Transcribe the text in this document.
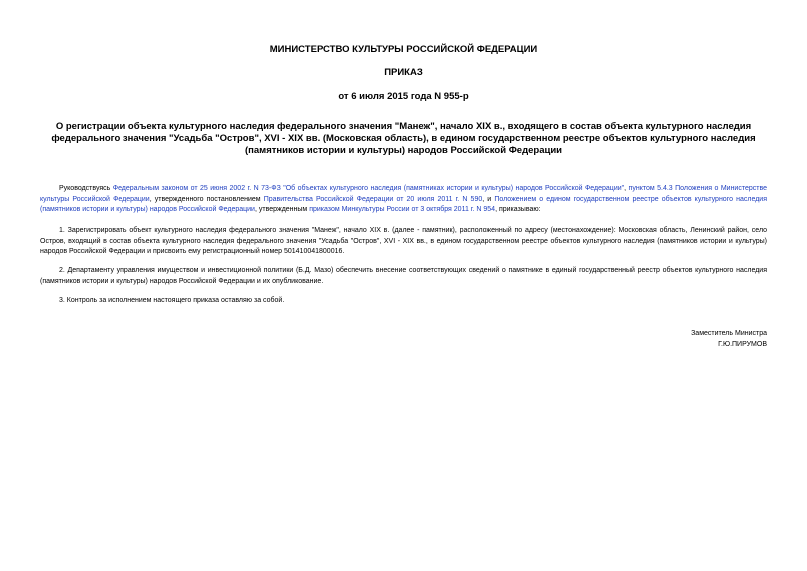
МИНИСТЕРСТВО КУЛЬТУРЫ РОССИЙСКОЙ ФЕДЕРАЦИИ
ПРИКАЗ
от 6 июля 2015 года N 955-р
О регистрации объекта культурного наследия федерального значения "Манеж", начало XIX в., входящего в состав объекта культурного наследия федерального значения "Усадьба "Остров", XVI - XIX вв. (Московская область), в едином государственном реестре объектов культурного наследия (памятников истории и культуры) народов Российской Федерации
Руководствуясь Федеральным законом от 25 июня 2002 г. N 73-ФЗ "Об объектах культурного наследия (памятниках истории и культуры) народов Российской Федерации", пунктом 5.4.3 Положения о Министерстве культуры Российской Федерации, утвержденного постановлением Правительства Российской Федерации от 20 июля 2011 г. N 590, и Положением о едином государственном реестре объектов культурного наследия (памятников истории и культуры) народов Российской Федерации, утвержденным приказом Минкультуры России от 3 октября 2011 г. N 954, приказываю:
1. Зарегистрировать объект культурного наследия федерального значения "Манеж", начало XIX в. (далее - памятник), расположенный по адресу (местонахождение): Московская область, Ленинский район, село Остров, входящий в состав объекта культурного наследия федерального значения "Усадьба "Остров", XVI - XIX вв., в едином государственном реестре объектов культурного наследия (памятников истории и культуры) народов Российской Федерации и присвоить ему регистрационный номер 501410041800016.
2. Департаменту управления имуществом и инвестиционной политики (Б.Д. Мазо) обеспечить внесение соответствующих сведений о памятнике в единый государственный реестр объектов культурного наследия (памятников истории и культуры) народов Российской Федерации и их опубликование.
3. Контроль за исполнением настоящего приказа оставляю за собой.
Заместитель Министра
Г.Ю.ПИРУМОВ
